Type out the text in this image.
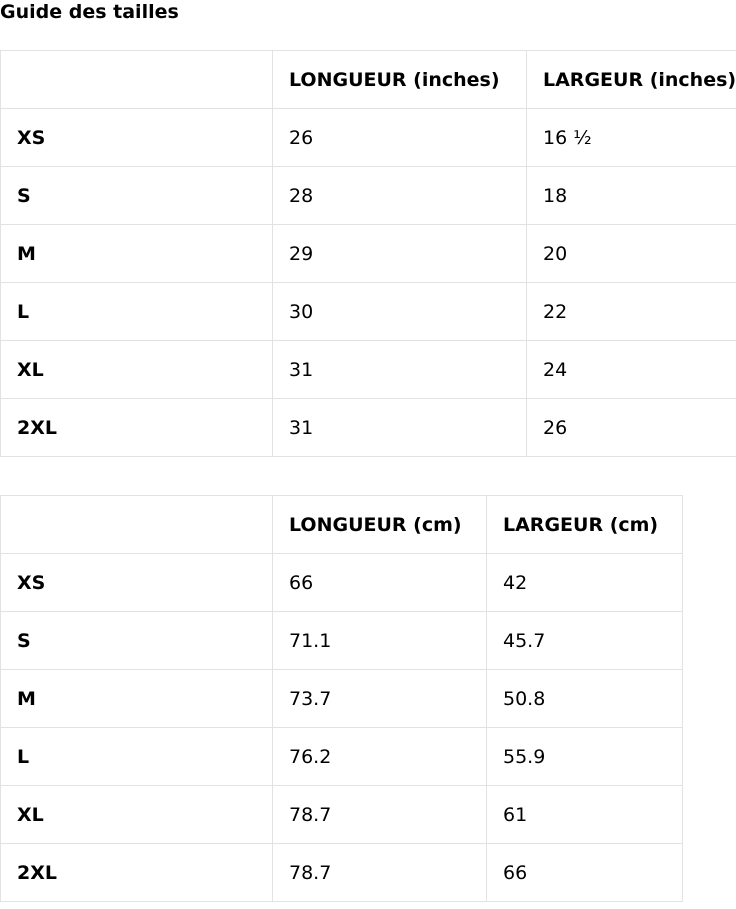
Guide des tailles
	LONGUEUR (inches)	LARGEUR (inches)
XS	26	16 ½
S	28	18
M	29	20
L	30	22
XL	31	24
2XL	31	26
	LONGUEUR (cm)	LARGEUR (cm)
XS	66	42
S	71.1	45.7
M	73.7	50.8
L	76.2	55.9
XL	78.7	61
2XL	78.7	66
